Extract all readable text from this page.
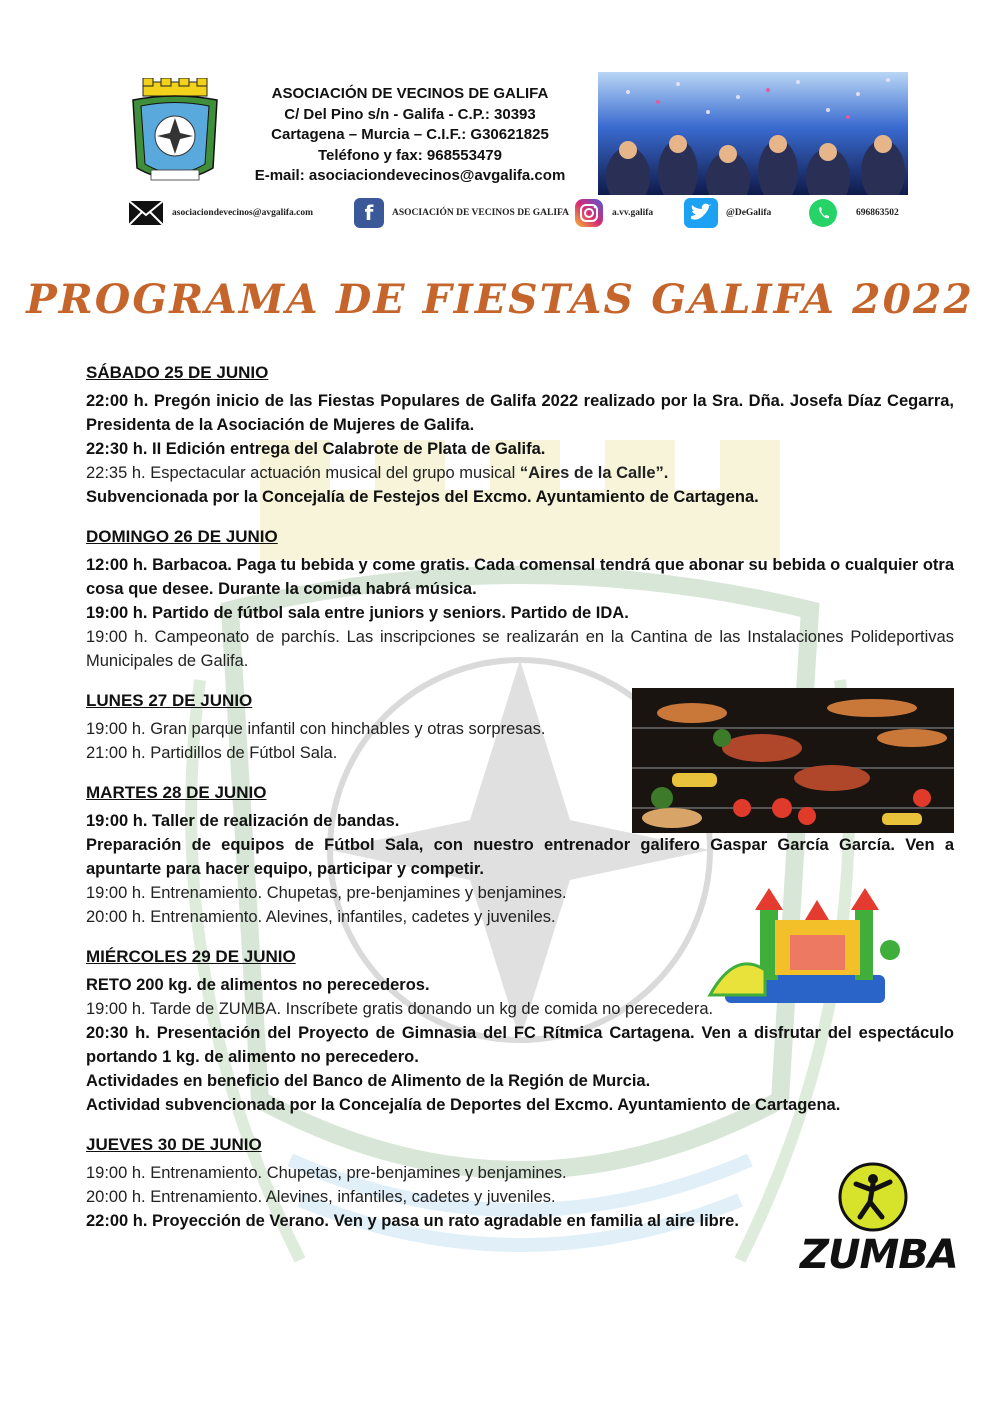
ASOCIACIÓN DE VECINOS DE GALIFA
C/ Del Pino s/n - Galifa - C.P.: 30393
Cartagena – Murcia – C.I.F.: G30621825
Teléfono y fax: 968553479
E-mail: asociaciondevecinos@avgalifa.com
asociaciondevecinos@avgalifa.com	f	ASOCIACIÓN DE VECINOS DE GALIFA	a.vv.galifa	@DeGalifa	696863502
PROGRAMA DE FIESTAS GALIFA 2022
SÁBADO 25 DE JUNIO
22:00 h. Pregón inicio de las Fiestas Populares de Galifa 2022 realizado por la Sra. Dña. Josefa Díaz Cegarra, Presidenta de la Asociación de Mujeres de Galifa.
22:30 h. II Edición entrega del Calabrote de Plata de Galifa.
22:35 h. Espectacular actuación musical del grupo musical “Aires de la Calle”.
Subvencionada por la Concejalía de Festejos del Excmo. Ayuntamiento de Cartagena.
DOMINGO 26 DE JUNIO
12:00 h. Barbacoa. Paga tu bebida y come gratis. Cada comensal tendrá que abonar su bebida o cualquier otra cosa que desee. Durante la comida habrá música.
19:00 h. Partido de fútbol sala entre juniors y seniors. Partido de IDA.
19:00 h. Campeonato de parchís. Las inscripciones se realizarán en la Cantina de las Instalaciones Polideportivas Municipales de Galifa.
LUNES 27 DE JUNIO
19:00 h. Gran parque infantil con hinchables y otras sorpresas.
21:00 h. Partidillos de Fútbol Sala.
MARTES 28 DE JUNIO
19:00 h. Taller de realización de bandas.
Preparación de equipos de Fútbol Sala, con nuestro entrenador galifero Gaspar García García. Ven a apuntarte para hacer equipo, participar y competir.
19:00 h. Entrenamiento. Chupetas, pre-benjamines y benjamines.
20:00 h. Entrenamiento. Alevines, infantiles, cadetes y juveniles.
MIÉRCOLES 29 DE JUNIO
RETO 200 kg. de alimentos no perecederos.
19:00 h. Tarde de ZUMBA. Inscríbete gratis donando un kg de comida no perecedera.
20:30 h. Presentación del Proyecto de Gimnasia del FC Rítmica Cartagena. Ven a disfrutar del espectáculo portando 1 kg. de alimento no perecedero.
Actividades en beneficio del Banco de Alimento de la Región de Murcia.
Actividad subvencionada por la Concejalía de Deportes del Excmo. Ayuntamiento de Cartagena.
JUEVES 30 DE JUNIO
19:00 h. Entrenamiento. Chupetas, pre-benjamines y benjamines.
20:00 h. Entrenamiento. Alevines, infantiles, cadetes y juveniles.
22:00 h. Proyección de Verano. Ven y pasa un rato agradable en familia al aire libre.
ZUMBA
